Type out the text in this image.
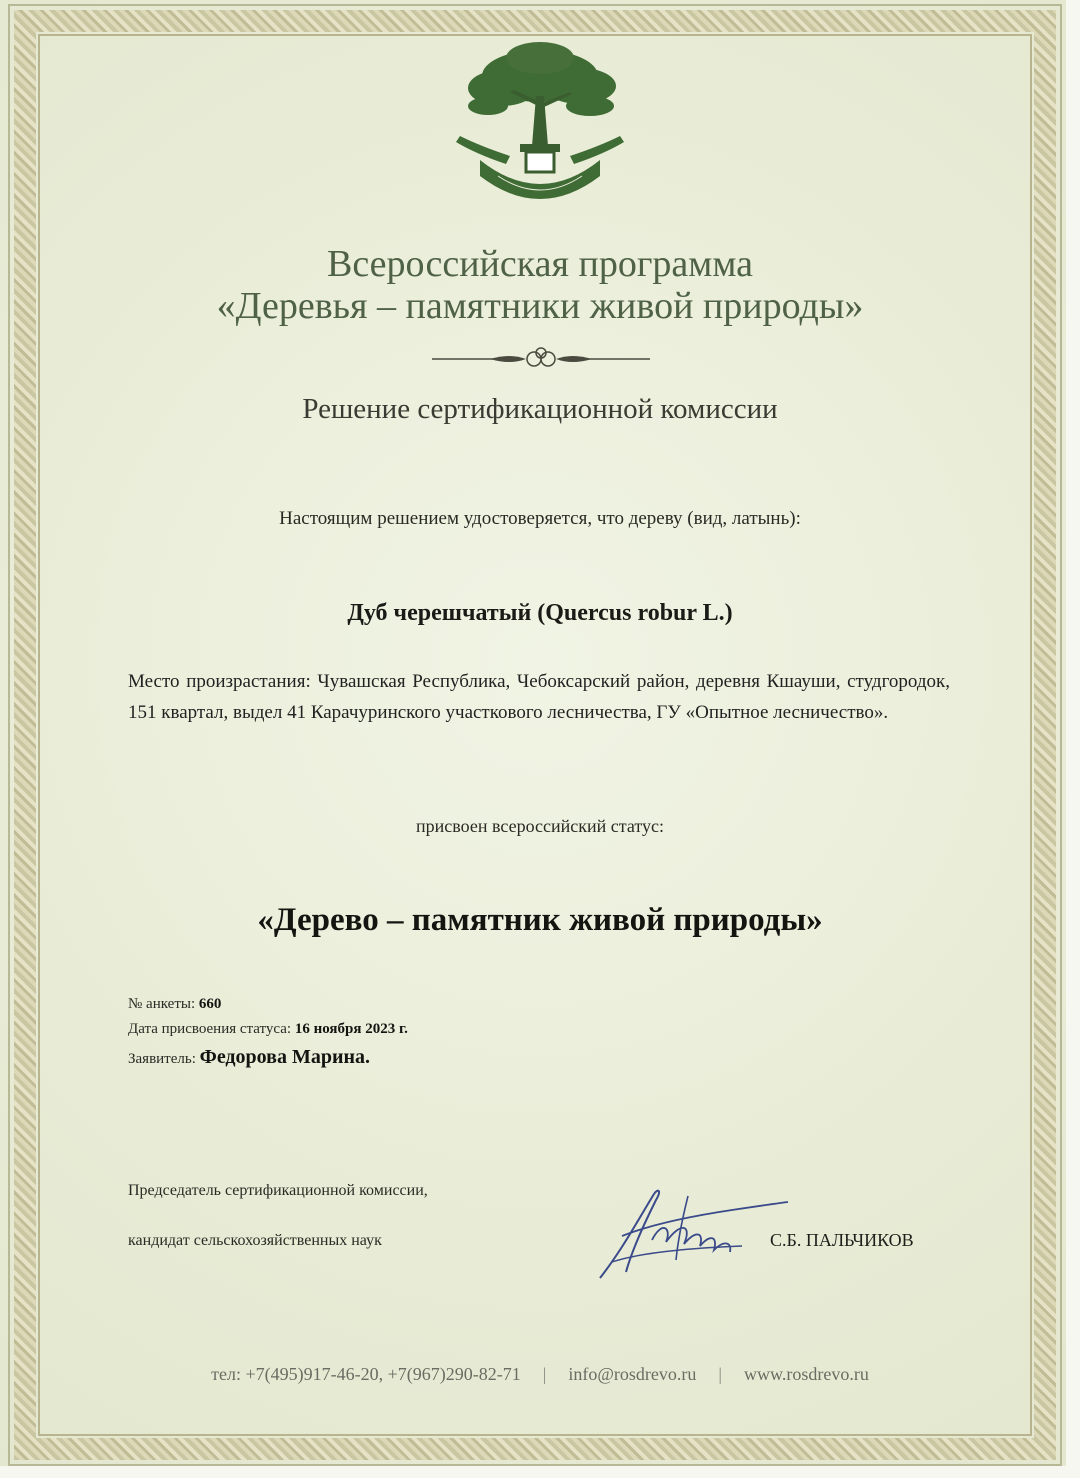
Всероссийская программа
«Деревья – памятники живой природы»
Решение сертификационной комиссии
Настоящим решением удостоверяется, что дереву (вид, латынь):
Дуб черешчатый (Quercus robur L.)
Место произрастания: Чувашская Республика, Чебоксарский район, деревня Кшауши, студгородок, 151 квартал, выдел 41 Карачуринского участкового лесничества, ГУ «Опытное лесничество».
присвоен всероссийский статус:
«Дерево – памятник живой природы»
№ анкеты: 660
Дата присвоения статуса: 16 ноября 2023 г.
Заявитель: Федорова Марина.
Председатель сертификационной комиссии,
кандидат сельскохозяйственных наук	С.Б. ПАЛЬЧИКОВ
тел: +7(495)917-46-20, +7(967)290-82-71 | info@rosdrevo.ru | www.rosdrevo.ru
